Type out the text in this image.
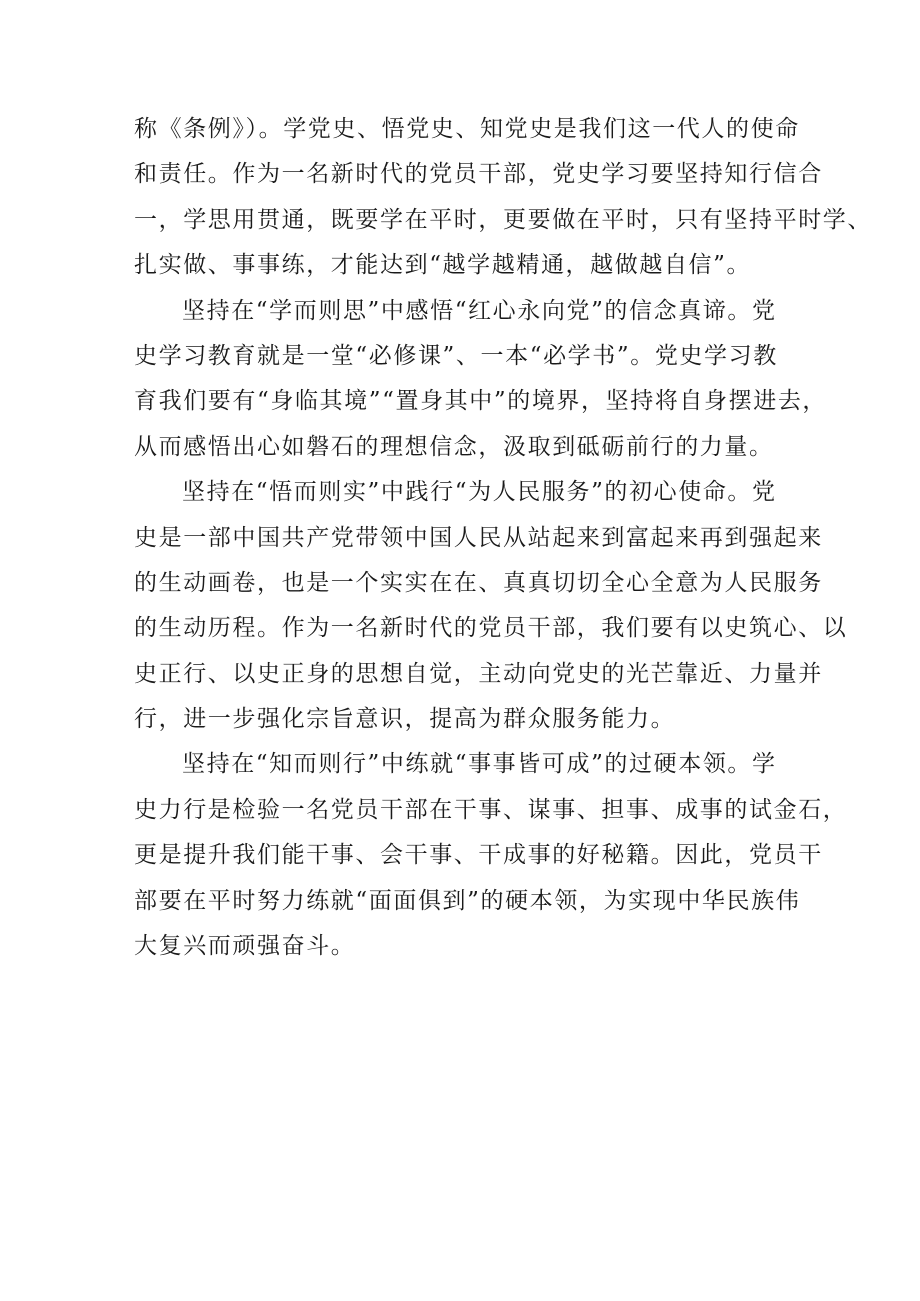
称《条例》）。学党史、悟党史、知党史是我们这一代人的使命
和责任。作为一名新时代的党员干部，党史学习要坚持知行信合
一，学思用贯通，既要学在平时，更要做在平时，只有坚持平时学、
扎实做、事事练，才能达到“越学越精通，越做越自信”。
坚持在“学而则思”中感悟“红心永向党”的信念真谛。党
史学习教育就是一堂“必修课”、一本“必学书”。党史学习教
育我们要有“身临其境”“置身其中”的境界，坚持将自身摆进去，
从而感悟出心如磐石的理想信念，汲取到砥砺前行的力量。
坚持在“悟而则实”中践行“为人民服务”的初心使命。党
史是一部中国共产党带领中国人民从站起来到富起来再到强起来
的生动画卷，也是一个实实在在、真真切切全心全意为人民服务
的生动历程。作为一名新时代的党员干部，我们要有以史筑心、以
史正行、以史正身的思想自觉，主动向党史的光芒靠近、力量并
行，进一步强化宗旨意识，提高为群众服务能力。
坚持在“知而则行”中练就“事事皆可成”的过硬本领。学
史力行是检验一名党员干部在干事、谋事、担事、成事的试金石，
更是提升我们能干事、会干事、干成事的好秘籍。因此，党员干
部要在平时努力练就“面面俱到”的硬本领，为实现中华民族伟
大复兴而顽强奋斗。
